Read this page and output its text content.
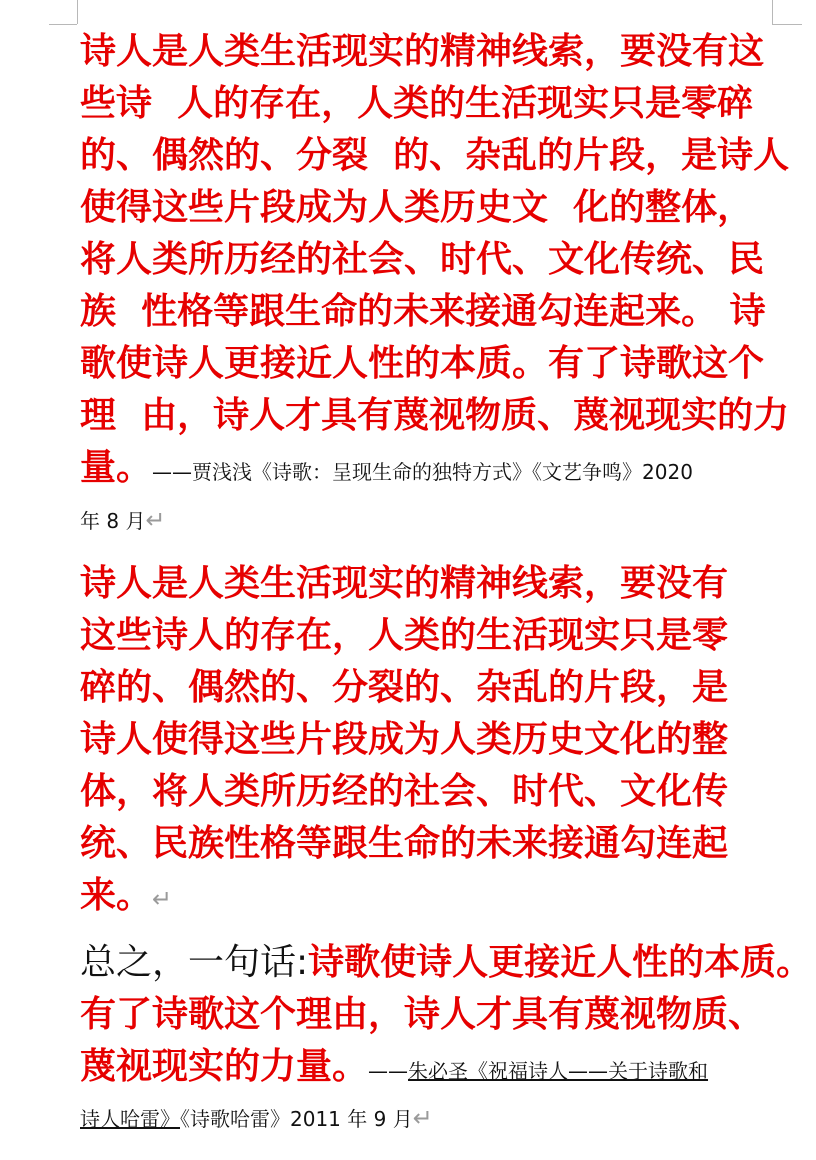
诗人是人类生活现实的精神线索，要没有这
些诗  人的存在，人类的生活现实只是零碎
的、偶然的、分裂  的、杂乱的片段，是诗人
使得这些片段成为人类历史文  化的整体，
将人类所历经的社会、时代、文化传统、民
族  性格等跟生命的未来接通勾连起来。 诗
歌使诗人更接近人性的本质。有了诗歌这个
理  由，诗人才具有蔑视物质、蔑视现实的力
量。——贾浅浅《诗歌：呈现生命的独特方式》《文艺争鸣》2020
年 8 月↵
诗人是人类生活现实的精神线索，要没有
这些诗人的存在，人类的生活现实只是零
碎的、偶然的、分裂的、杂乱的片段，是
诗人使得这些片段成为人类历史文化的整
体，将人类所历经的社会、时代、文化传
统、民族性格等跟生命的未来接通勾连起
来。↵
总之，一句话:诗歌使诗人更接近人性的本质。
有了诗歌这个理由，诗人才具有蔑视物质、
蔑视现实的力量。——朱必圣《祝福诗人——关于诗歌和
诗人哈雷》《诗歌哈雷》2011 年 9 月↵
